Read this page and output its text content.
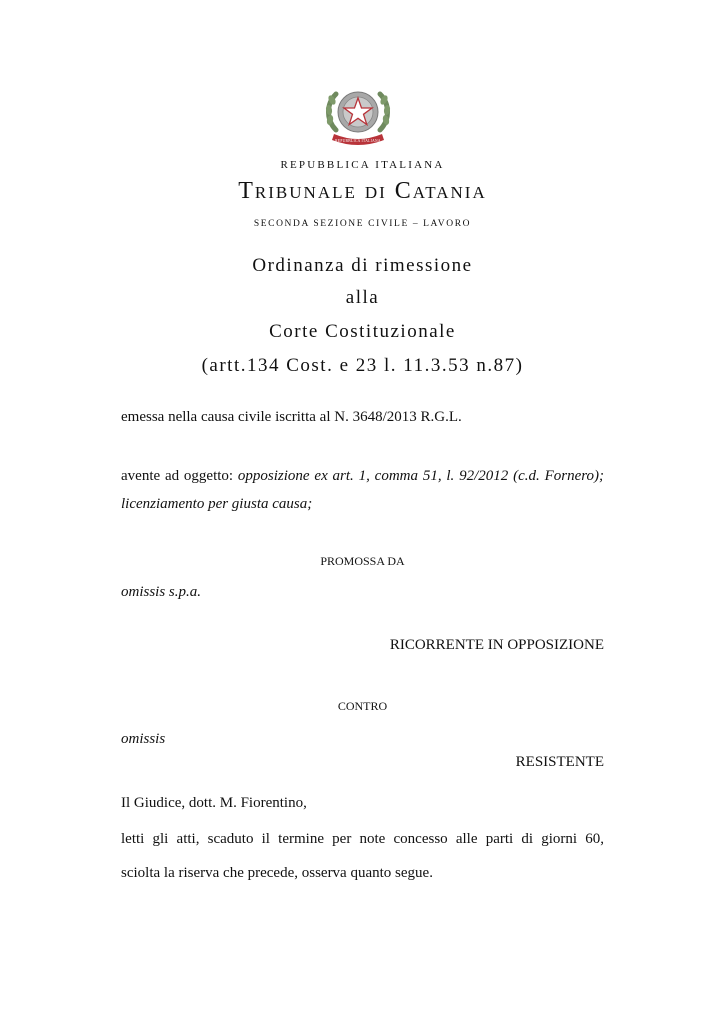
REPUBBLICA ITALIANA
REPUBBLICA ITALIANA
Tribunale di Catania
SECONDA SEZIONE CIVILE – LAVORO
Ordinanza di rimessione
alla
Corte Costituzionale
(artt.134 Cost. e 23 l. 11.3.53 n.87)
emessa nella causa civile iscritta al N. 3648/2013 R.G.L.
avente ad oggetto: opposizione ex art. 1, comma 51, l. 92/2012 (c.d. Fornero); licenziamento per giusta causa;
PROMOSSA DA
omissis s.p.a.
RICORRENTE IN OPPOSIZIONE
CONTRO
omissis
RESISTENTE
Il Giudice, dott. M. Fiorentino,
letti gli atti, scaduto il termine per note concesso alle parti di giorni 60,
sciolta la riserva che precede, osserva quanto segue.
